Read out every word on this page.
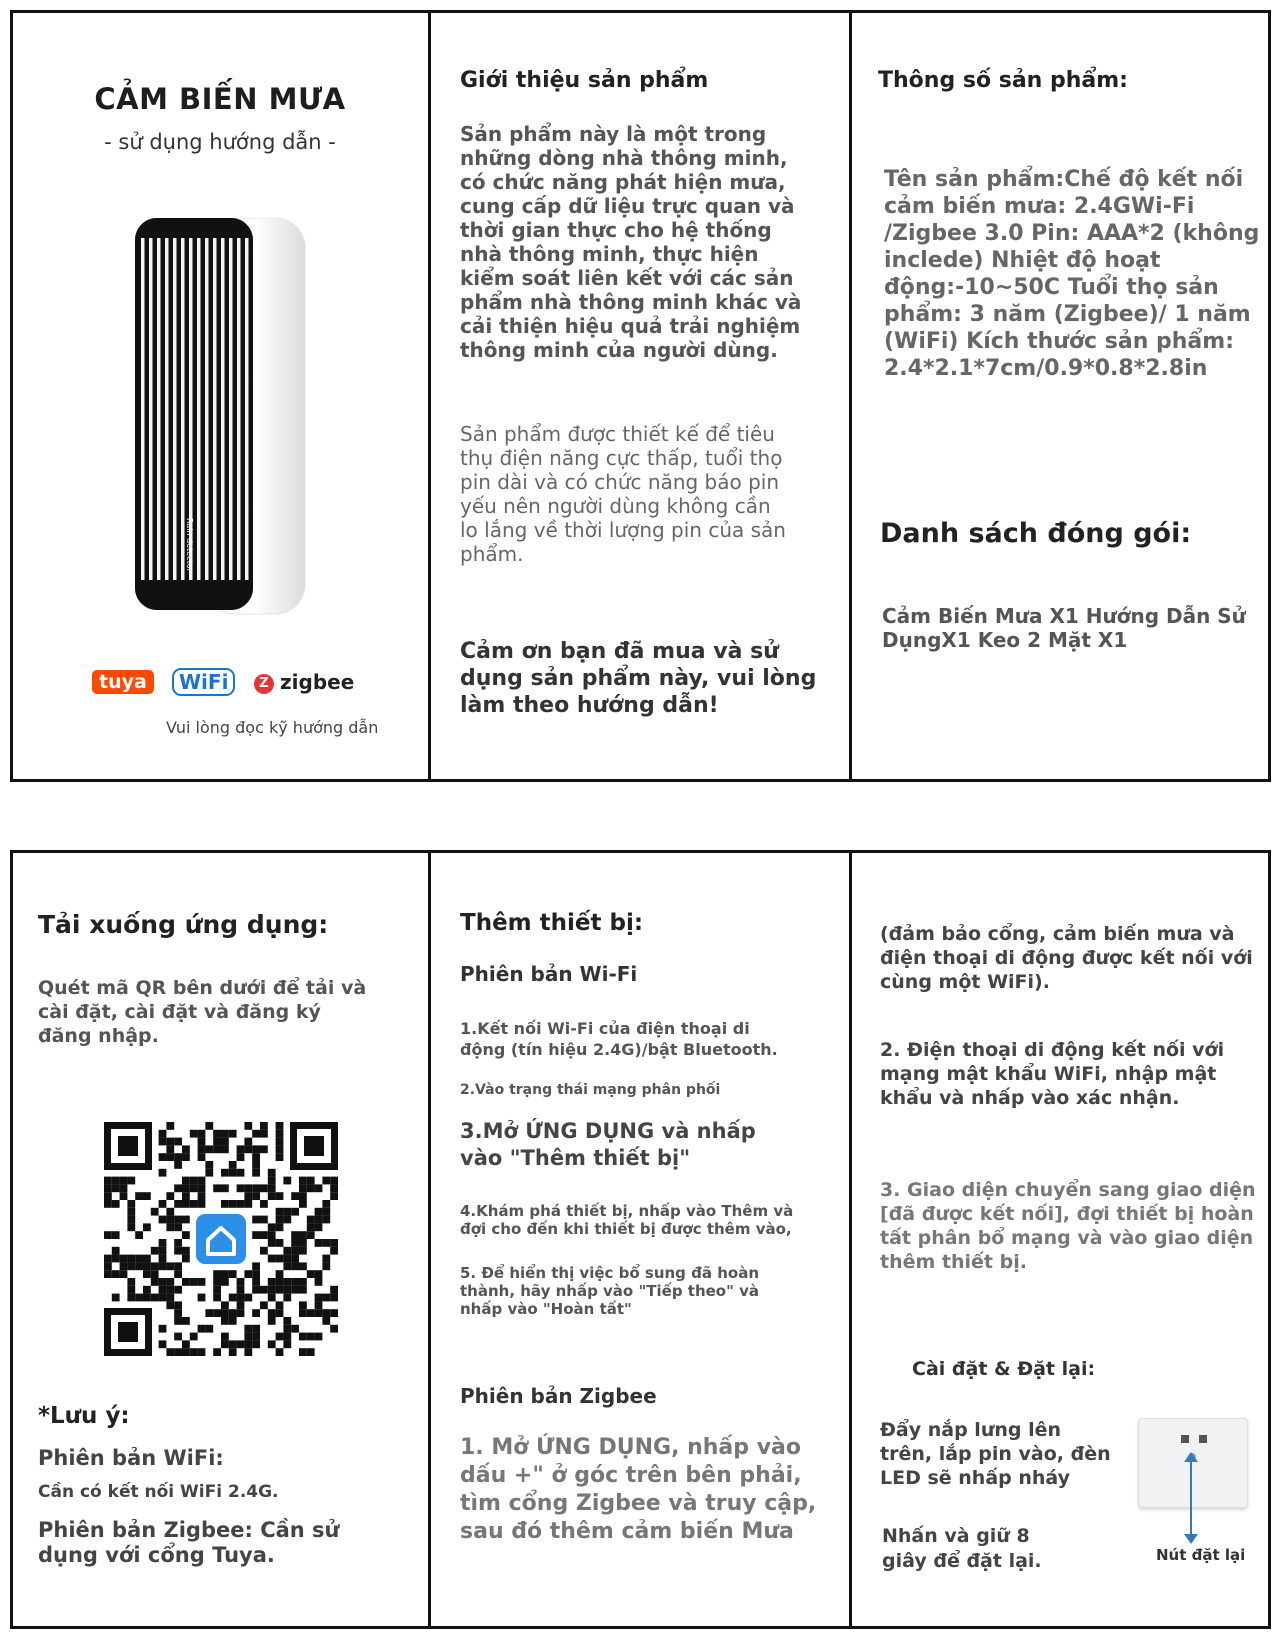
CẢM BIẾN MƯA
- sử dụng hướng dẫn -
Rain detector
tuya	WiFi	Z zigbee
Vui lòng đọc kỹ hướng dẫn
Giới thiệu sản phẩm
Sản phẩm này là một trong
những dòng nhà thông minh,
có chức năng phát hiện mưa,
cung cấp dữ liệu trực quan và
thời gian thực cho hệ thống
nhà thông minh, thực hiện
kiểm soát liên kết với các sản
phẩm nhà thông minh khác và
cải thiện hiệu quả trải nghiệm
thông minh của người dùng.
Sản phẩm được thiết kế để tiêu
thụ điện năng cực thấp, tuổi thọ
pin dài và có chức năng báo pin
yếu nên người dùng không cần
lo lắng về thời lượng pin của sản
phẩm.
Cảm ơn bạn đã mua và sử
dụng sản phẩm này, vui lòng
làm theo hướng dẫn!
Thông số sản phẩm:
Tên sản phẩm:Chế độ kết nối
cảm biến mưa: 2.4GWi-Fi
/Zigbee 3.0 Pin: AAA*2 (không
inclede) Nhiệt độ hoạt
động:-10~50C Tuổi thọ sản
phẩm: 3 năm (Zigbee)/ 1 năm
(WiFi) Kích thước sản phẩm:
2.4*2.1*7cm/0.9*0.8*2.8in
Danh sách đóng gói:
Cảm Biến Mưa X1 Hướng Dẫn Sử
DụngX1 Keo 2 Mặt X1
Tải xuống ứng dụng:
Quét mã QR bên dưới để tải và
cài đặt, cài đặt và đăng ký
đăng nhập.
*Lưu ý:
Phiên bản WiFi:
Cần có kết nối WiFi 2.4G.
Phiên bản Zigbee: Cần sử
dụng với cổng Tuya.
Thêm thiết bị:
Phiên bản Wi-Fi
1.Kết nối Wi-Fi của điện thoại di
động (tín hiệu 2.4G)/bật Bluetooth.
2.Vào trạng thái mạng phân phối
3.Mở ỨNG DỤNG và nhấp
vào "Thêm thiết bị"
4.Khám phá thiết bị, nhấp vào Thêm và
đợi cho đến khi thiết bị được thêm vào,
5. Để hiển thị việc bổ sung đã hoàn
thành, hãy nhấp vào "Tiếp theo" và
nhấp vào "Hoàn tất"
Phiên bản Zigbee
1. Mở ỨNG DỤNG, nhấp vào
dấu +" ở góc trên bên phải,
tìm cổng Zigbee và truy cập,
sau đó thêm cảm biến Mưa
(đảm bảo cổng, cảm biến mưa và
điện thoại di động được kết nối với
cùng một WiFi).
2. Điện thoại di động kết nối với
mạng mật khẩu WiFi, nhập mật
khẩu và nhấp vào xác nhận.
3. Giao diện chuyển sang giao diện
[đã được kết nối], đợi thiết bị hoàn
tất phân bổ mạng và vào giao diện
thêm thiết bị.
Cài đặt & Đặt lại:
Đẩy nắp lưng lên
trên, lắp pin vào, đèn
LED sẽ nhấp nháy
Nhấn và giữ 8
giây để đặt lại.	Nút đặt lại
